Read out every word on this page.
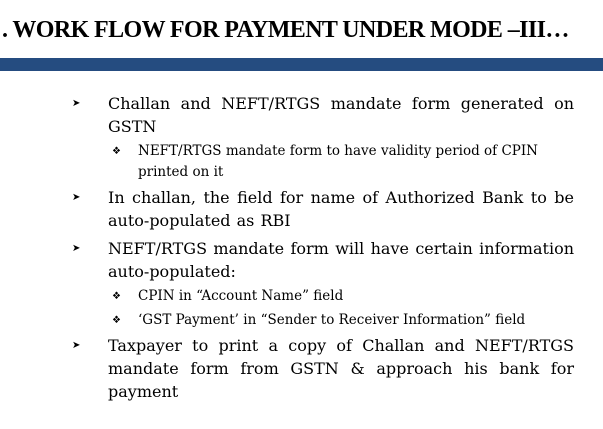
. WORK FLOW FOR PAYMENT UNDER MODE –III…
➤	Challan and NEFT/RTGS mandate form generated on GSTN
❖ NEFT/RTGS mandate form to have validity period of CPIN printed on it
➤	In challan, the field for name of Authorized Bank to be auto-populated as RBI
➤	NEFT/RTGS mandate form will have certain information auto-populated:
❖ CPIN in “Account Name” field
❖ ‘GST Payment’ in “Sender to Receiver Information” field
➤	Taxpayer to print a copy of Challan and NEFT/RTGS mandate form from GSTN & approach his bank for payment
